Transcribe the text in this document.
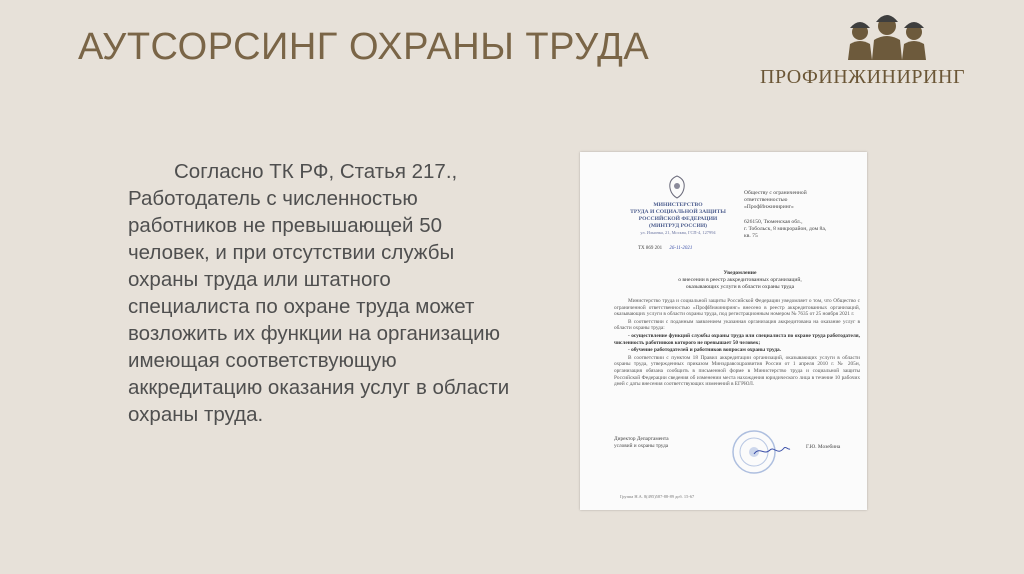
АУТСОРСИНГ ОХРАНЫ ТРУДА
ПРОФИНЖИНИРИНГ

Согласно ТК РФ, Статья 217., Работодатель с численностью работников не превышающей 50 человек, и при отсутствии службы охраны труда или штатного специалиста по охране труда может возложить их функции на организацию имеющая соответствующую аккредитацию оказания услуг в области охраны труда.

МИНИСТЕРСТВО
ТРУДА И СОЦИАЛЬНОЙ ЗАЩИТЫ
РОССИЙСКОЙ ФЕДЕРАЦИИ
(МИНТРУД РОССИИ)
ул. Ильинка, 21, Москва, ГСП-4, 127994
ТХ 869 201 26-11-2021
Обществу с ограниченной
ответственностью
«ПрофИнжиниринг»
626150, Тюменская обл.,
г. Тобольск, 8 микрорайон, дом 8а,
кв. 75
Уведомление
о внесении в реестр аккредитованных организаций,
оказывающих услуги в области охраны труда

Министерство труда и социальной защиты Российской Федерации уведомляет о том, что Общество с ограниченной ответственностью «ПрофИнжиниринг» внесено в реестр аккредитованных организаций, оказывающих услуги в области охраны труда, под регистрационным номером № 7635 от 25 ноября 2021 г.

В соответствии с поданным заявлением указанная организация аккредитована на оказание услуг в области охраны труда:

- осуществление функций службы охраны труда или специалиста по охране труда работодателя, численность работников которого не превышает 50 человек;

- обучение работодателей и работников вопросам охраны труда.

В соответствии с пунктом 18 Правил аккредитации организаций, оказывающих услуги в области охраны труда, утвержденных приказом Минздравсоцразвития России от 1 апреля 2010 г. № 205н, организация обязана сообщить в письменной форме в Министерство труда и социальной защиты Российской Федерации сведения об изменении места нахождения юридического лица в течение 10 рабочих дней с даты внесения соответствующих изменений в ЕГРЮЛ.

Директор Департамента
условий и охраны труда	Г.Ю. Мозебина
Группа Н.А. 8(495)587-88-89 доб. 15-67
